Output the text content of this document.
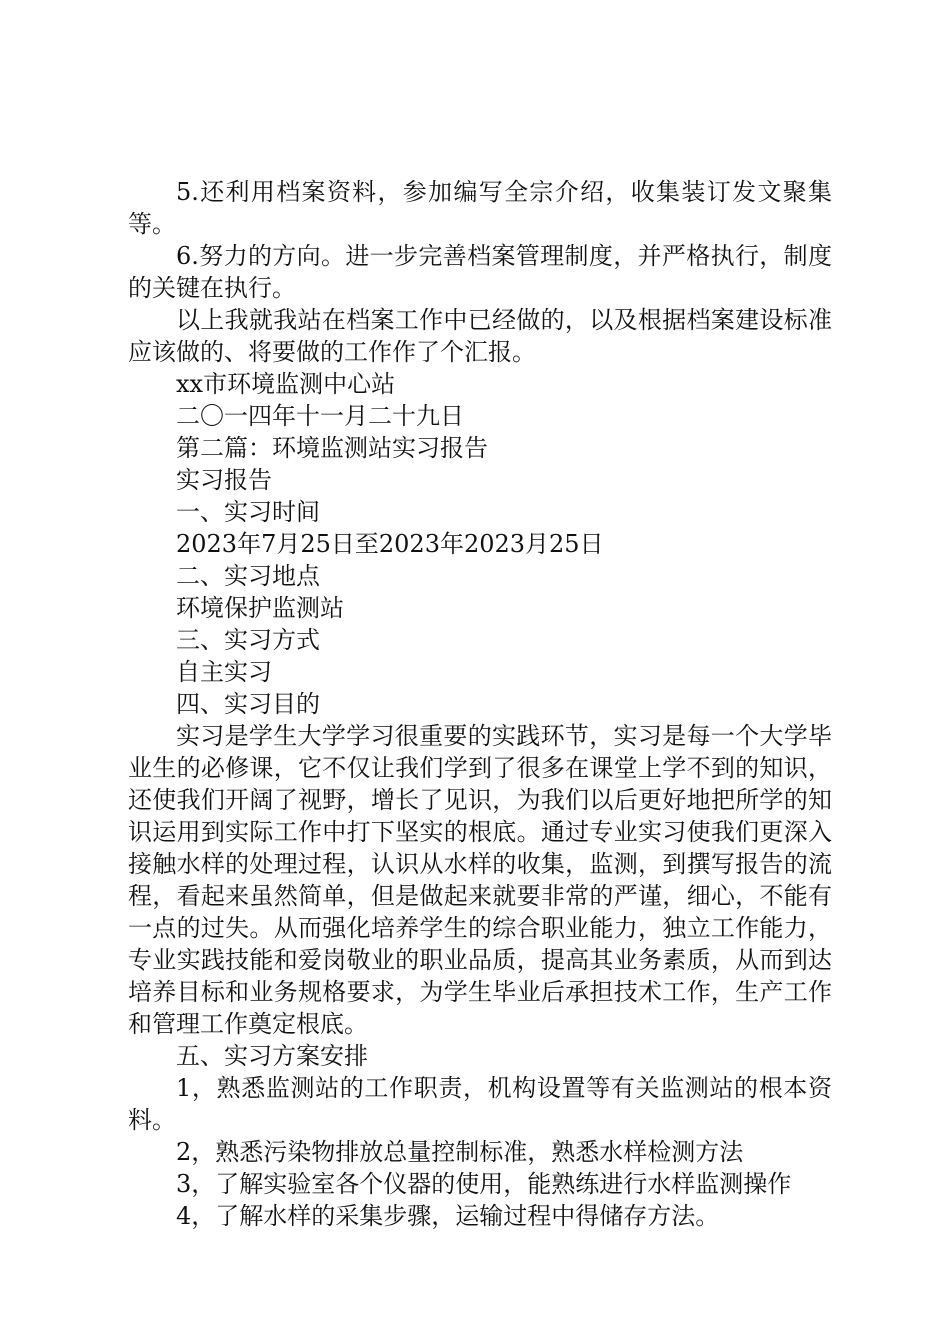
5.还利用档案资料，参加编写全宗介绍，收集装订发文聚集等。

6.努力的方向。进一步完善档案管理制度，并严格执行，制度的关键在执行。

以上我就我站在档案工作中已经做的，以及根据档案建设标准应该做的、将要做的工作作了个汇报。

xx市环境监测中心站

二〇一四年十一月二十九日

第二篇：环境监测站实习报告

实习报告

一、实习时间

2023年7月25日至2023年2023月25日

二、实习地点

环境保护监测站

三、实习方式

自主实习

四、实习目的

实习是学生大学学习很重要的实践环节，实习是每一个大学毕业生的必修课，它不仅让我们学到了很多在课堂上学不到的知识，还使我们开阔了视野，增长了见识，为我们以后更好地把所学的知识运用到实际工作中打下坚实的根底。通过专业实习使我们更深入接触水样的处理过程，认识从水样的收集，监测，到撰写报告的流程，看起来虽然简单，但是做起来就要非常的严谨，细心，不能有一点的过失。从而强化培养学生的综合职业能力，独立工作能力，专业实践技能和爱岗敬业的职业品质，提高其业务素质，从而到达培养目标和业务规格要求，为学生毕业后承担技术工作，生产工作和管理工作奠定根底。

五、实习方案安排

1，熟悉监测站的工作职责，机构设置等有关监测站的根本资料。

2，熟悉污染物排放总量控制标准，熟悉水样检测方法

3，了解实验室各个仪器的使用，能熟练进行水样监测操作

4，了解水样的采集步骤，运输过程中得储存方法。
